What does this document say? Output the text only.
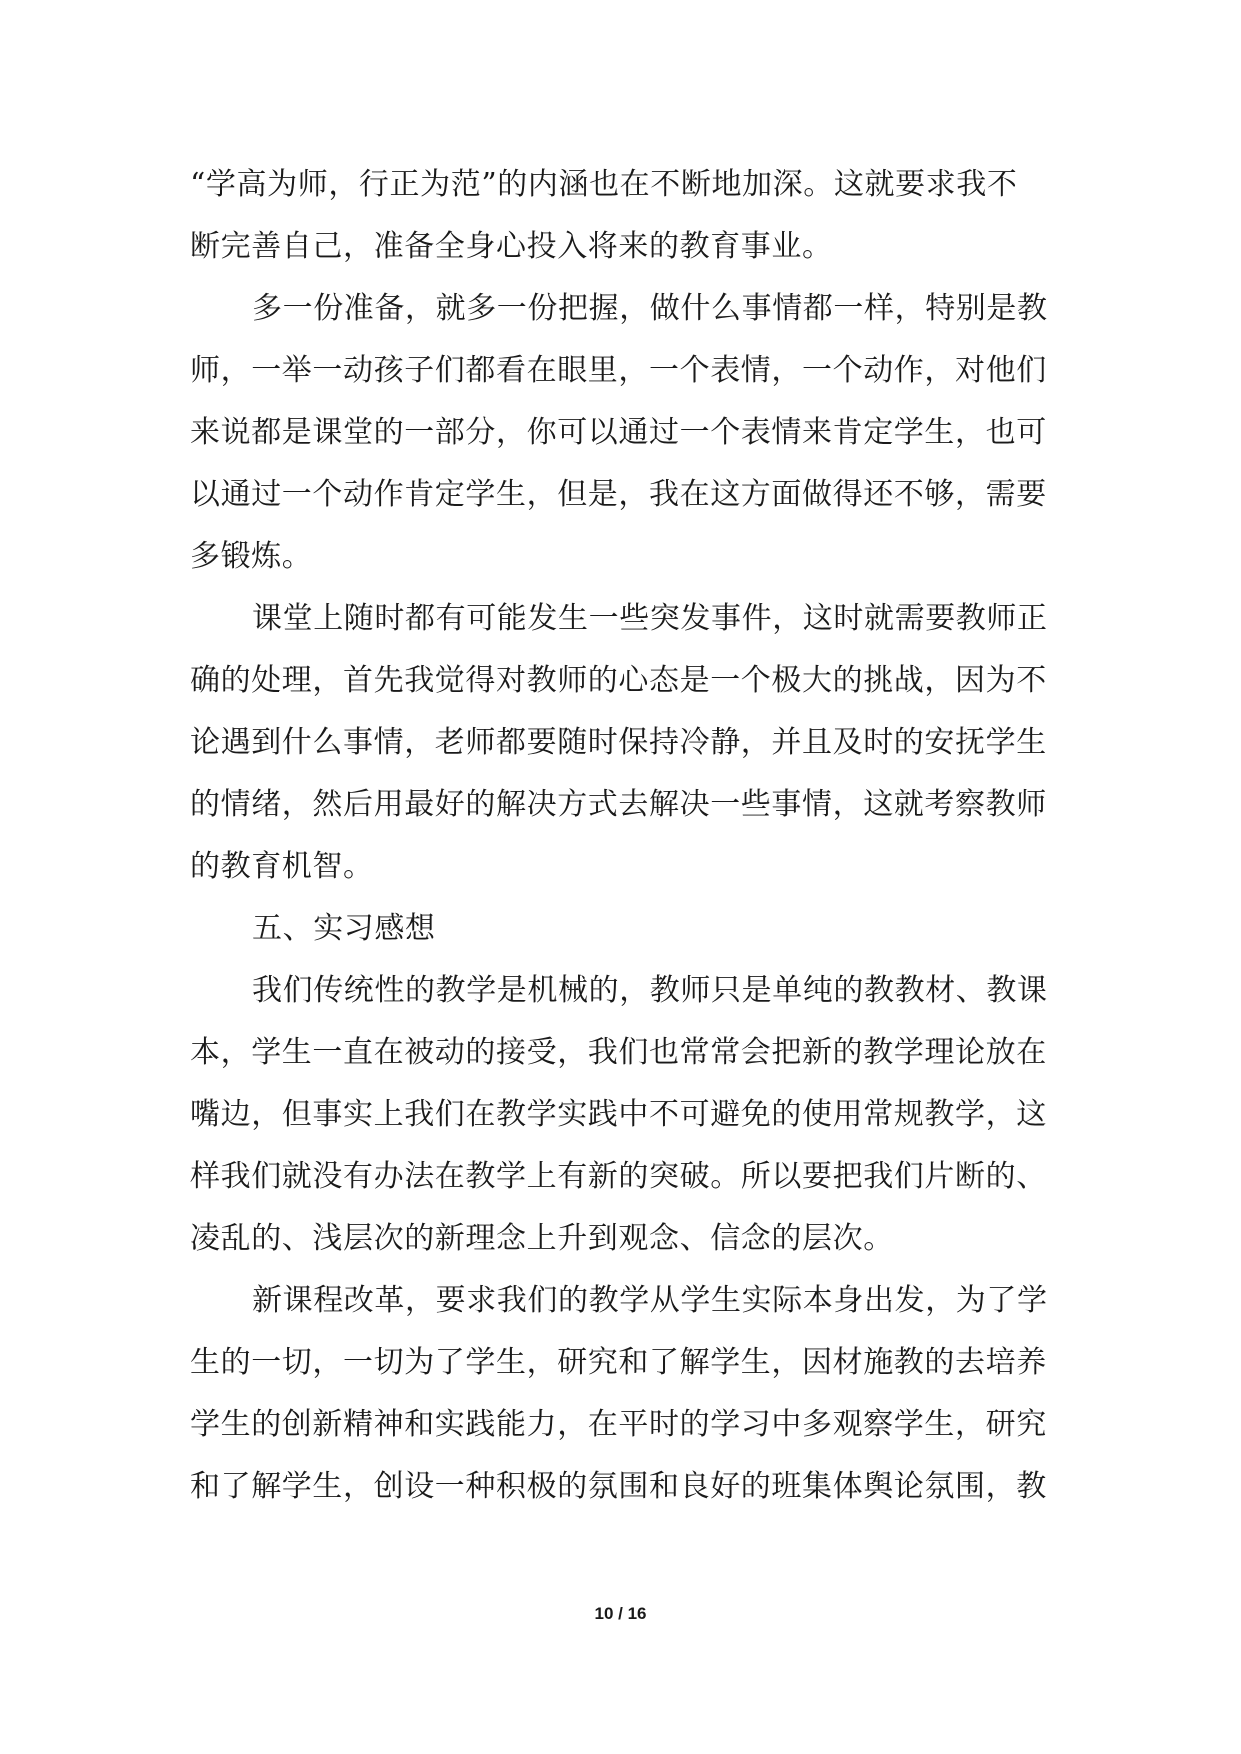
“学高为师，行正为范”的内涵也在不断地加深。这就要求我不
断完善自己，准备全身心投入将来的教育事业。
多一份准备，就多一份把握，做什么事情都一样，特别是教
师，一举一动孩子们都看在眼里，一个表情，一个动作，对他们
来说都是课堂的一部分，你可以通过一个表情来肯定学生，也可
以通过一个动作肯定学生，但是，我在这方面做得还不够，需要
多锻炼。
课堂上随时都有可能发生一些突发事件，这时就需要教师正
确的处理，首先我觉得对教师的心态是一个极大的挑战，因为不
论遇到什么事情，老师都要随时保持冷静，并且及时的安抚学生
的情绪，然后用最好的解决方式去解决一些事情，这就考察教师
的教育机智。
五、实习感想
我们传统性的教学是机械的，教师只是单纯的教教材、教课
本，学生一直在被动的接受，我们也常常会把新的教学理论放在
嘴边，但事实上我们在教学实践中不可避免的使用常规教学，这
样我们就没有办法在教学上有新的突破。所以要把我们片断的、
凌乱的、浅层次的新理念上升到观念、信念的层次。
新课程改革，要求我们的教学从学生实际本身出发，为了学
生的一切，一切为了学生，研究和了解学生，因材施教的去培养
学生的创新精神和实践能力，在平时的学习中多观察学生，研究
和了解学生，创设一种积极的氛围和良好的班集体舆论氛围，教
10 / 16
